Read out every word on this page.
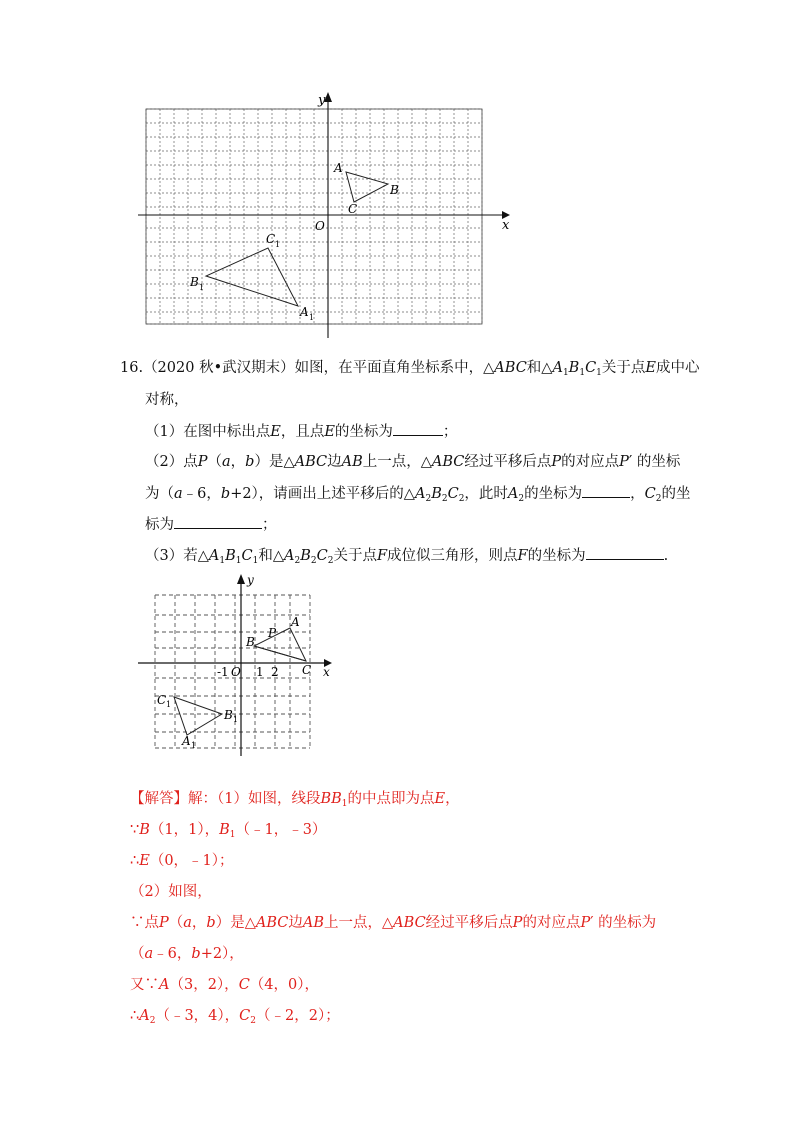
y
x
O
A
B
C
A 1
B 1
C 1
16.（2020 秋•武汉期末）如图，在平面直角坐标系中，△ABC和$\triangle A_1B_1C_1$关于点E成中心
对称，
（1）在图中标出点E，且点E的坐标为	；
（2）点P（a，b）是△ABC边AB上一点，△ABC经过平移后点P的对应点P′ 的坐标
为（a﹣6，b+2），请画出上述平移后的$\triangle A_2B_2C_2$，此时$A_2$的坐标为	，$C_2$的坐
标为	；
（3）若$\triangle A_1B_1C_1$和$\triangle A_2B_2C_2$关于点F成位似三角形，则点F的坐标为	.
y
x
-1 O 1 2
A
B
C
P
C 1
B 1
A 1
【解答】解：（1）如图，线段$BB_1$的中点即为点E，
∵B（1，1），$B_1(﹣1$，﹣3）
∴E（0，﹣1）；
（2）如图，
∵点P（a，b）是△ABC边AB上一点，△ABC经过平移后点P的对应点P′ 的坐标为
（a﹣6，b+2），
又∵A（3，2），C（4，0），
$\therefore A_2(﹣3$，4），$C_2(﹣2$，2）；
